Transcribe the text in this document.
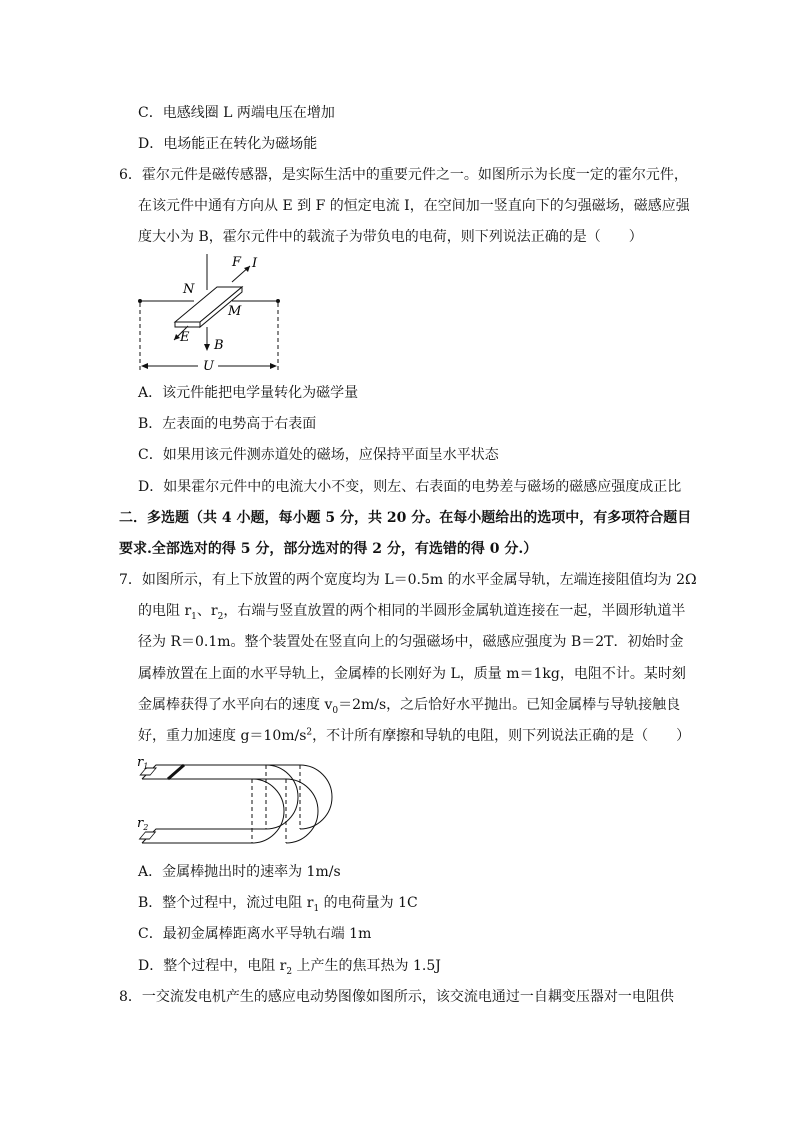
C．电感线圈 L 两端电压在增加
D．电场能正在转化为磁场能
6．霍尔元件是磁传感器，是实际生活中的重要元件之一。如图所示为长度一定的霍尔元件，
在该元件中通有方向从 E 到 F 的恒定电流 I，在空间加一竖直向下的匀强磁场，磁感应强
度大小为 B，霍尔元件中的载流子为带负电的电荷，则下列说法正确的是（　　）
F I
N
M
E
B
U
A．该元件能把电学量转化为磁学量
B．左表面的电势高于右表面
C．如果用该元件测赤道处的磁场，应保持平面呈水平状态
D．如果霍尔元件中的电流大小不变，则左、右表面的电势差与磁场的磁感应强度成正比
二．多选题（共 4 小题，每小题 5 分，共 20 分。在每小题给出的选项中，有多项符合题目
要求.全部选对的得 5 分，部分选对的得 2 分，有选错的得 0 分.）
7．如图所示，有上下放置的两个宽度均为 L＝0.5m 的水平金属导轨，左端连接阻值均为 2Ω
的电阻 $r_1$、$r_2$，右端与竖直放置的两个相同的半圆形金属轨道连接在一起，半圆形轨道半
径为 R＝0.1m。整个装置处在竖直向上的匀强磁场中，磁感应强度为 B＝2T．初始时金
属棒放置在上面的水平导轨上，金属棒的长刚好为 L，质量 m＝1kg，电阻不计。某时刻
金属棒获得了水平向右的速度 $v_0=2m/s$，之后恰好水平抛出。已知金属棒与导轨接触良
好，重力加速度 $g=10m/s^2$，不计所有摩擦和导轨的电阻，则下列说法正确的是（　　）
$r_1$
$r_2$
A．金属棒抛出时的速率为 1m/s
B．整个过程中，流过电阻 $r_1$ 的电荷量为 1C
C．最初金属棒距离水平导轨右端 1m
D．整个过程中，电阻 $r_2$ 上产生的焦耳热为 1.5J
8．一交流发电机产生的感应电动势图像如图所示，该交流电通过一自耦变压器对一电阻供
